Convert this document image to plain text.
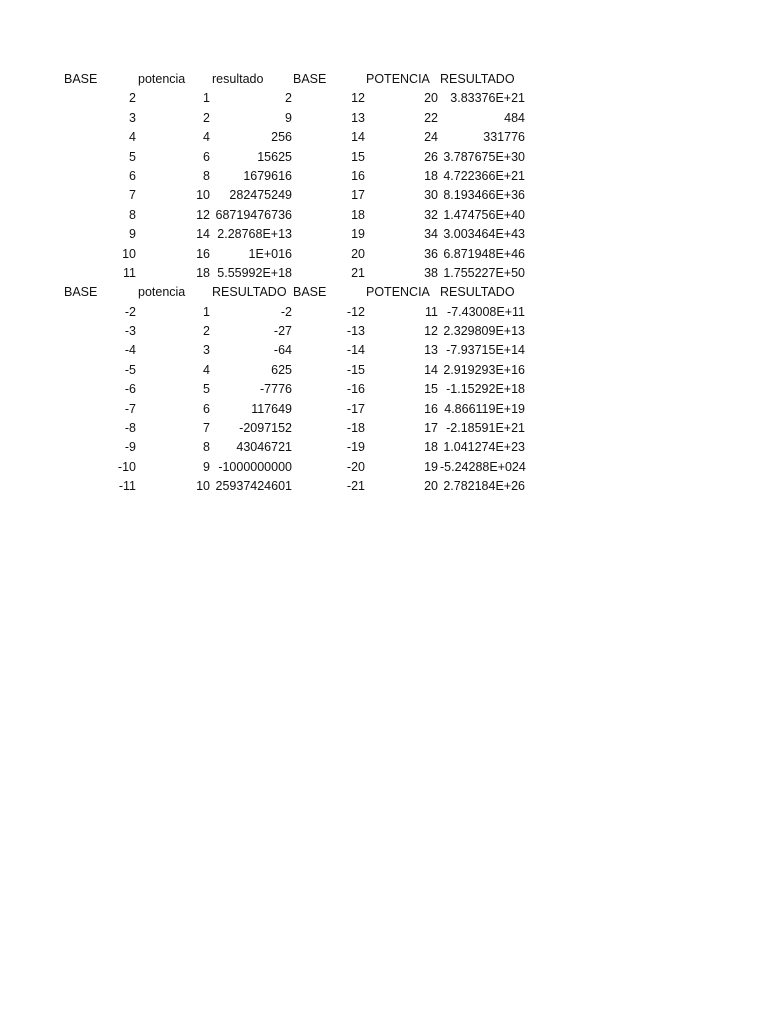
BASE	potencia	resultado	BASE	POTENCIA RESULTADO
2	1	2	12	20 3.83376E+21
3	2	9	13	22	484
4	4	256	14	24	331776
5	6	15625	15	26 3.787675E+30
6	8	1679616	16	18 4.722366E+21
7	10	282475249	17	30 8.193466E+36
8	12 68719476736	18	32 1.474756E+40
9	14 2.28768E+13	19	34 3.003464E+43
10	16	1E+016	20	36 6.871948E+46
11	18 5.55992E+18	21	38 1.755227E+50
BASE	potencia	RESULTADO BASE	POTENCIA RESULTADO
-2	1	-2	-12	11 -7.43008E+11
-3	2	-27	-13	12 2.329809E+13
-4	3	-64	-14	13 -7.93715E+14
-5	4	625	-15	14 2.919293E+16
-6	5	-7776	-16	15 -1.15292E+18
-7	6	117649	-17	16 4.866119E+19
-8	7	-2097152	-18	17 -2.18591E+21
-9	8	43046721	-19	18 1.041274E+23
-10	9 -1000000000	-20	19 -5.24288E+024
-11	10 25937424601	-21	20 2.782184E+26
